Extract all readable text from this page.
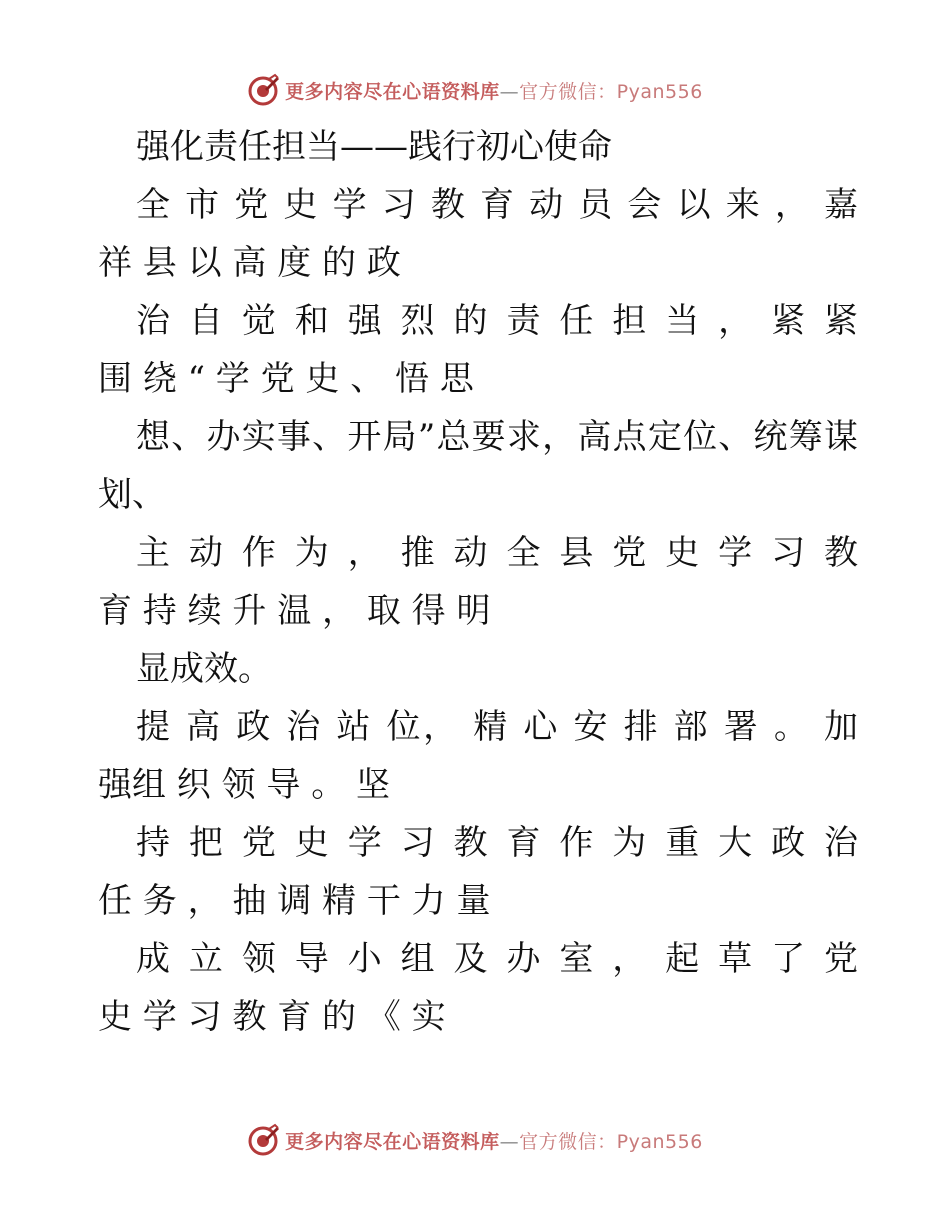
更多内容尽在心语资料库—官方微信：Pyan556
强化责任担当——践行初心使命
全 市 党 史 学 习 教 育 动 员 会 以 来 ， 嘉
祥 县 以 高 度 的 政
治 自 觉 和 强 烈 的 责 任 担 当 ， 紧 紧
围 绕 “ 学 党 史 、 悟 思
想、办实事、开局”总要求，高点定位、统筹谋
划、
主 动 作 为 ， 推 动 全 县 党 史 学 习 教
育 持 续 升 温 ， 取 得 明
显成效。
提 高 政 治 站 位， 精 心 安 排 部 署 。 加
强组 织 领 导 。 坚
持 把 党 史 学 习 教 育 作 为 重 大 政 治
任 务 ， 抽 调 精 干 力 量
成 立 领 导 小 组 及 办 室 ， 起 草 了 党
史 学 习 教 育 的 《 实
更多内容尽在心语资料库—官方微信：Pyan556
